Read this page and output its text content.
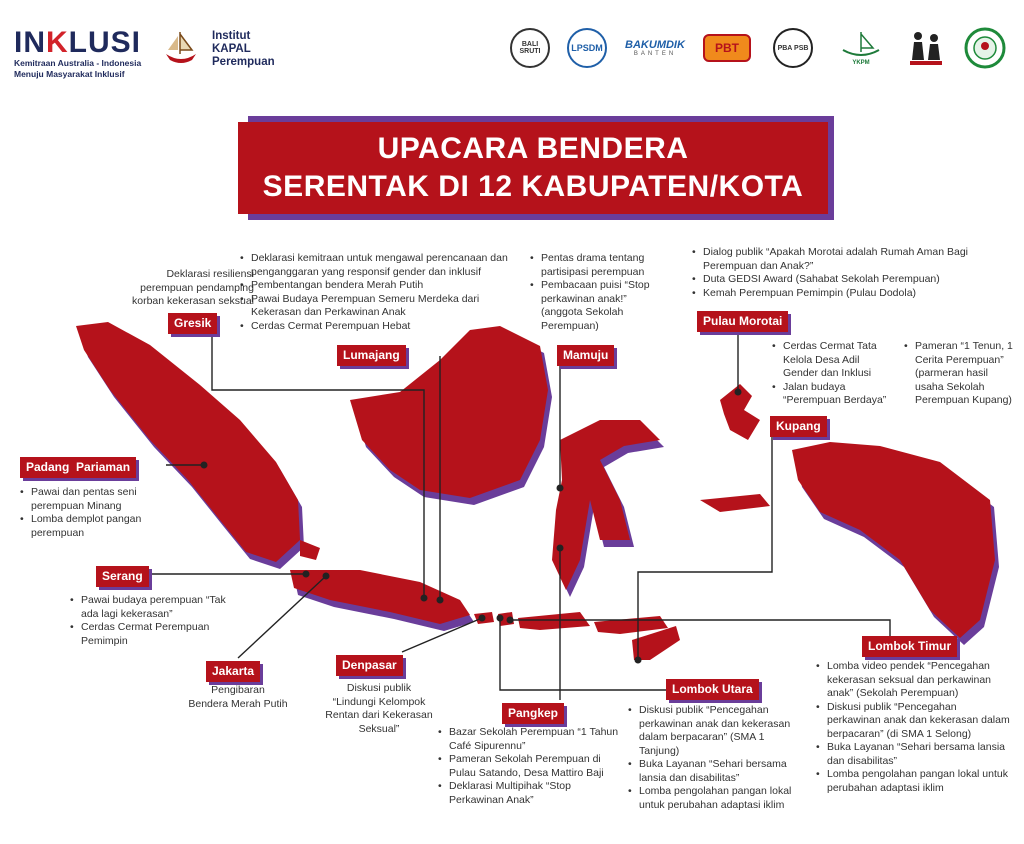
INKLUSI
Kemitraan Australia - Indonesia
Menuju Masyarakat Inklusif
Institut
KAPAL
Perempuan
BALI SRUTI	LPSDM	BAKUMDIK
BANTEN	PBT	PBA PSB
YKPM
UPACARA BENDERA
SERENTAK DI 12 KABUPATEN/KOTA
Deklarasi resiliensi
perempuan pendamping
korban kekerasan seksual
Gresik
• Deklarasi kemitraan untuk mengawal perencanaan dan penganggaran yang responsif gender dan inklusif
• Pembentangan bendera Merah Putih
• Pawai Budaya Perempuan Semeru Merdeka dari Kekerasan dan Perkawinan Anak
• Cerdas Cermat Perempuan Hebat
Lumajang
• Pentas drama tentang partisipasi perempuan
• Pembacaan puisi “Stop perkawinan anak!” (anggota Sekolah Perempuan)
Mamuju
• Dialog publik “Apakah Morotai adalah Rumah Aman Bagi Perempuan dan Anak?”
• Duta GEDSI Award (Sahabat Sekolah Perempuan)
• Kemah Perempuan Pemimpin (Pulau Dodola)
Pulau Morotai
• Cerdas Cermat Tata Kelola Desa Adil Gender dan Inklusi
• Jalan budaya “Perempuan Berdaya”
• Pameran “1 Tenun, 1 Cerita Perempuan” (parmeran hasil usaha Sekolah Perempuan Kupang)
Kupang
Padang  Pariaman
• Pawai dan pentas seni perempuan Minang
• Lomba demplot pangan perempuan
Serang
• Pawai budaya perempuan “Tak ada lagi kekerasan”
• Cerdas Cermat Perempuan Pemimpin
Jakarta
Pengibaran
Bendera Merah Putih
Denpasar
Diskusi publik
“Lindungi Kelompok
Rentan dari Kekerasan
Seksual”
Pangkep
• Bazar Sekolah Perempuan “1 Tahun Café Sipurennu”
• Pameran Sekolah Perempuan di Pulau Satando, Desa Mattiro Baji
• Deklarasi Multipihak “Stop Perkawinan Anak”
Lombok Utara
• Diskusi publik “Pencegahan perkawinan anak dan kekerasan dalam berpacaran” (SMA 1 Tanjung)
• Buka Layanan “Sehari bersama lansia dan disabilitas”
• Lomba pengolahan pangan lokal untuk perubahan adaptasi iklim
Lombok Timur
• Lomba video pendek “Pencegahan kekerasan seksual dan perkawinan anak” (Sekolah Perempuan)
• Diskusi publik “Pencegahan perkawinan anak dan kekerasan dalam berpacaran” (di SMA 1 Selong)
• Buka Layanan “Sehari bersama lansia dan disabilitas”
• Lomba pengolahan pangan lokal untuk perubahan adaptasi iklim
